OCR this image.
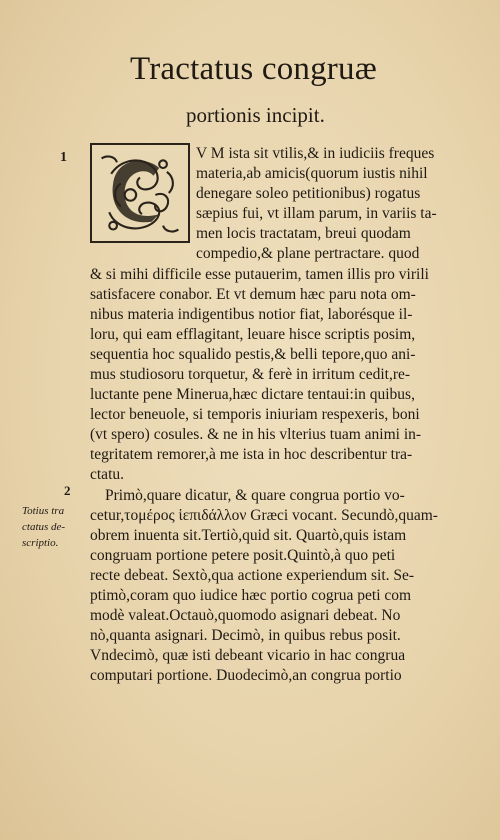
Tractatus congruæ
portionis incipit.
1	V M ista sit vtilis,& in iudiciis freques
materia,ab amicis(quorum iustis nihil
denegare soleo petitionibus) rogatus
sæpius fui, vt illam parum, in variis ta-
men locis tractatam, breui quodam
compedio,& plane pertractare. quod
& si mihi difficile esse putauerim, tamen illis pro virili
satisfacere conabor. Et vt demum hæc paru nota om-
nibus materia indigentibus notior fiat, laborésque il-
loru, qui eam efflagitant, leuare hisce scriptis posim,
sequentia hoc squalido pestis,& belli tepore,quo ani-
mus studiosoru torquetur, & ferè in irritum cedit,re-
luctante pene Minerua,hæc dictare tentaui:in quibus,
lector beneuole, si temporis iniuriam respexeris, boni
(vt spero) cosules. & ne in his vlterius tuam animi in-
tegritatem remorer,à me ista in hoc describentur tra-
ctatu.
2
Totius tra
ctatus de-
scriptio.
Primò,quare dicatur, & quare congrua portio vo-
cetur,τομέρος ἱεπιδάλλον Græci vocant. Secundò,quam-
obrem inuenta sit.Tertiò,quid sit. Quartò,quis istam
congruam portione petere posit.Quintò,à quo peti
recte debeat. Sextò,qua actione experiendum sit. Se-
ptimò,coram quo iudice hæc portio cogrua peti com
modè valeat.Octauò,quomodo asignari debeat. No
nò,quanta asignari. Decimò, in quibus rebus posit.
Vndecimò, quæ isti debeant vicario in hac congrua
computari portione. Duodecimò,an congrua portio
